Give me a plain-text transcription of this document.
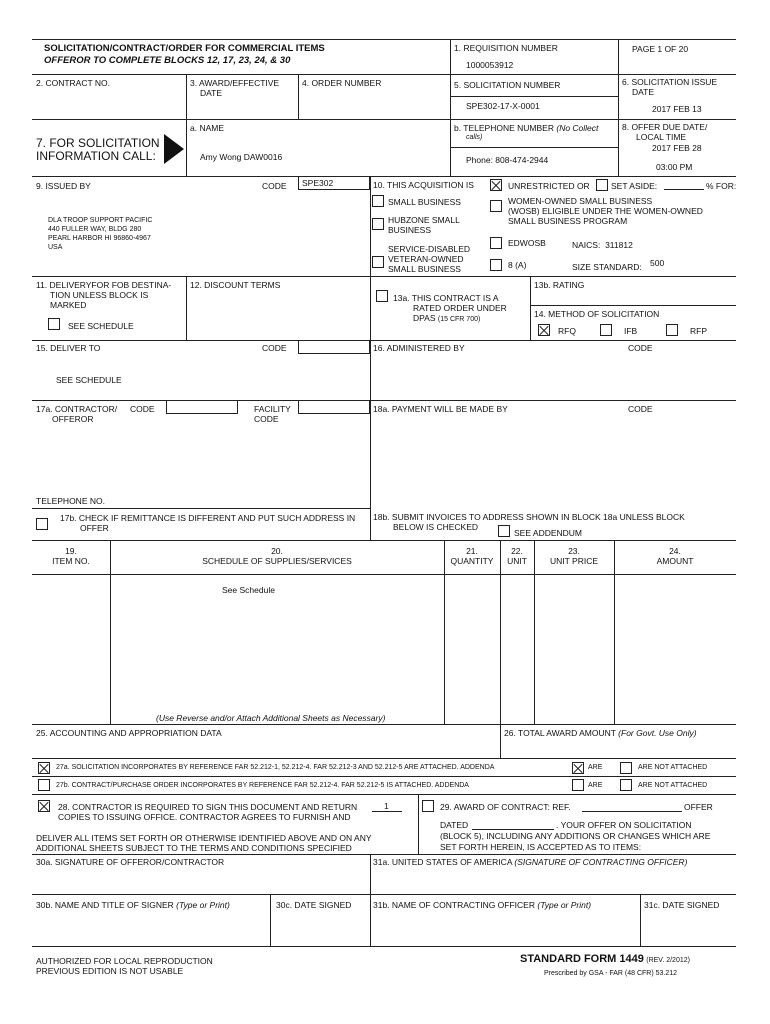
SOLICITATION/CONTRACT/ORDER FOR COMMERCIAL ITEMS
OFFEROR TO COMPLETE BLOCKS 12, 17, 23, 24, & 30
1. REQUISITION NUMBER
1000053912
PAGE 1 OF 20
2. CONTRACT NO.	3. AWARD/EFFECTIVE
DATE
4. ORDER NUMBER	5. SOLICITATION NUMBER
SPE302-17-X-0001
6. SOLICITATION ISSUE
DATE
2017 FEB 13
7. FOR SOLICITATION
INFORMATION CALL:
a. NAME
Amy Wong DAW0016
b. TELEPHONE NUMBER (No Collect
calls)
Phone: 808-474-2944
8. OFFER DUE DATE/
LOCAL TIME
2017 FEB 28
03:00 PM
9. ISSUED BY	CODE SPE302
DLA TROOP SUPPORT PACIFIC
440 FULLER WAY, BLDG 280
PEARL HARBOR HI 96860-4967
USA
10. THIS ACQUISITION IS	UNRESTRICTED OR	SET ASIDE:	% FOR:
SMALL BUSINESS	WOMEN-OWNED SMALL BUSINESS
(WOSB) ELIGIBLE UNDER THE WOMEN-OWNED
SMALL BUSINESS PROGRAM
HUBZONE SMALL
BUSINESS
EDWOSB	NAICS: 311812
SERVICE-DISABLED
VETERAN-OWNED
SMALL BUSINESS	8 (A)	SIZE STANDARD: 500
11. DELIVERYFOR FOB DESTINA-
TION UNLESS BLOCK IS
MARKED
SEE SCHEDULE
12. DISCOUNT TERMS
13a. THIS CONTRACT IS A
RATED ORDER UNDER
DPAS (15 CFR 700)
13b. RATING
14. METHOD OF SOLICITATION
RFQ	IFB	RFP
15. DELIVER TO	CODE
SEE SCHEDULE
16. ADMINISTERED BY	CODE
17a. CONTRACTOR/
OFFEROR
CODE	FACILITY
CODE
18a. PAYMENT WILL BE MADE BY	CODE
TELEPHONE NO.
17b. CHECK IF REMITTANCE IS DIFFERENT AND PUT SUCH ADDRESS IN
OFFER
18b. SUBMIT INVOICES TO ADDRESS SHOWN IN BLOCK 18a UNLESS BLOCK
BELOW IS CHECKED
SEE ADDENDUM
19.
ITEM NO.
20.
SCHEDULE OF SUPPLIES/SERVICES
21.
QUANTITY
22.
UNIT
23.
UNIT PRICE
24.
AMOUNT
See Schedule
(Use Reverse and/or Attach Additional Sheets as Necessary)
25. ACCOUNTING AND APPROPRIATION DATA	26. TOTAL AWARD AMOUNT (For Govt. Use Only)
27a. SOLICITATION INCORPORATES BY REFERENCE FAR 52.212-1, 52.212-4. FAR 52.212-3 AND 52.212-5 ARE ATTACHED. ADDENDA	ARE	ARE NOT ATTACHED
27b. CONTRACT/PURCHASE ORDER INCORPORATES BY REFERENCE FAR 52.212-4. FAR 52.212-5 IS ATTACHED. ADDENDA	ARE	ARE NOT ATTACHED
28. CONTRACTOR IS REQUIRED TO SIGN THIS DOCUMENT AND RETURN	1
COPIES TO ISSUING OFFICE. CONTRACTOR AGREES TO FURNISH AND
DELIVER ALL ITEMS SET FORTH OR OTHERWISE IDENTIFIED ABOVE AND ON ANY
ADDITIONAL SHEETS SUBJECT TO THE TERMS AND CONDITIONS SPECIFIED
29. AWARD OF CONTRACT: REF.	OFFER
DATED	. YOUR OFFER ON SOLICITATION
(BLOCK 5), INCLUDING ANY ADDITIONS OR CHANGES WHICH ARE
SET FORTH HEREIN, IS ACCEPTED AS TO ITEMS:
30a. SIGNATURE OF OFFEROR/CONTRACTOR	31a. UNITED STATES OF AMERICA (SIGNATURE OF CONTRACTING OFFICER)
30b. NAME AND TITLE OF SIGNER (Type or Print)	30c. DATE SIGNED	31b. NAME OF CONTRACTING OFFICER (Type or Print)	31c. DATE SIGNED
AUTHORIZED FOR LOCAL REPRODUCTION
PREVIOUS EDITION IS NOT USABLE
STANDARD FORM 1449 (REV. 2/2012)
Prescribed by GSA - FAR (48 CFR) 53.212
